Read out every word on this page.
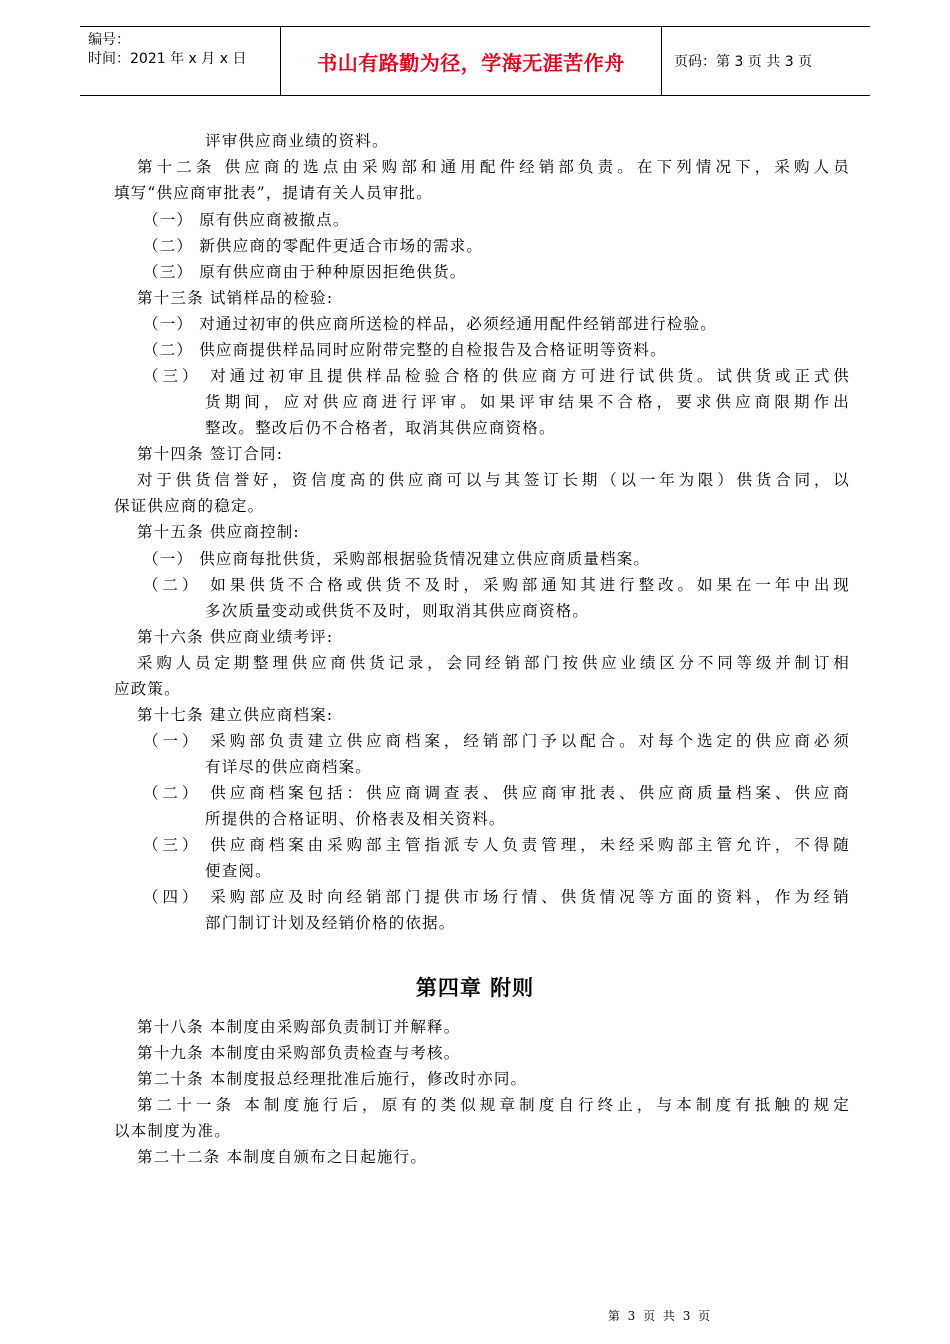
编号：
时间：2021 年 x 月 x 日	书山有路勤为径，学海无涯苦作舟	页码：第 3 页 共 3 页
评审供应商业绩的资料。
第十二条 供应商的选点由采购部和通用配件经销部负责。在下列情况下，采购人员
填写“供应商审批表”，提请有关人员审批。
（一） 原有供应商被撤点。
（二） 新供应商的零配件更适合市场的需求。
（三） 原有供应商由于种种原因拒绝供货。
第十三条 试销样品的检验:
（一） 对通过初审的供应商所送检的样品，必须经通用配件经销部进行检验。
（二） 供应商提供样品同时应附带完整的自检报告及合格证明等资料。
（三） 对通过初审且提供样品检验合格的供应商方可进行试供货。试供货或正式供
货期间，应对供应商进行评审。如果评审结果不合格，要求供应商限期作出
整改。整改后仍不合格者，取消其供应商资格。
第十四条 签订合同:
对于供货信誉好，资信度高的供应商可以与其签订长期（以一年为限）供货合同，以
保证供应商的稳定。
第十五条 供应商控制:
（一） 供应商每批供货，采购部根据验货情况建立供应商质量档案。
（二） 如果供货不合格或供货不及时，采购部通知其进行整改。如果在一年中出现
多次质量变动或供货不及时，则取消其供应商资格。
第十六条 供应商业绩考评:
采购人员定期整理供应商供货记录，会同经销部门按供应业绩区分不同等级并制订相
应政策。
第十七条 建立供应商档案:
（一） 采购部负责建立供应商档案，经销部门予以配合。对每个选定的供应商必须
有详尽的供应商档案。
（二） 供应商档案包括：供应商调查表、供应商审批表、供应商质量档案、供应商
所提供的合格证明、价格表及相关资料。
（三） 供应商档案由采购部主管指派专人负责管理，未经采购部主管允许，不得随
便查阅。
（四） 采购部应及时向经销部门提供市场行情、供货情况等方面的资料，作为经销
部门制订计划及经销价格的依据。
第四章 附则
第十八条 本制度由采购部负责制订并解释。
第十九条 本制度由采购部负责检查与考核。
第二十条 本制度报总经理批准后施行，修改时亦同。
第二十一条 本制度施行后，原有的类似规章制度自行终止，与本制度有抵触的规定
以本制度为准。
第二十二条 本制度自颁布之日起施行。
第 3 页 共 3 页
